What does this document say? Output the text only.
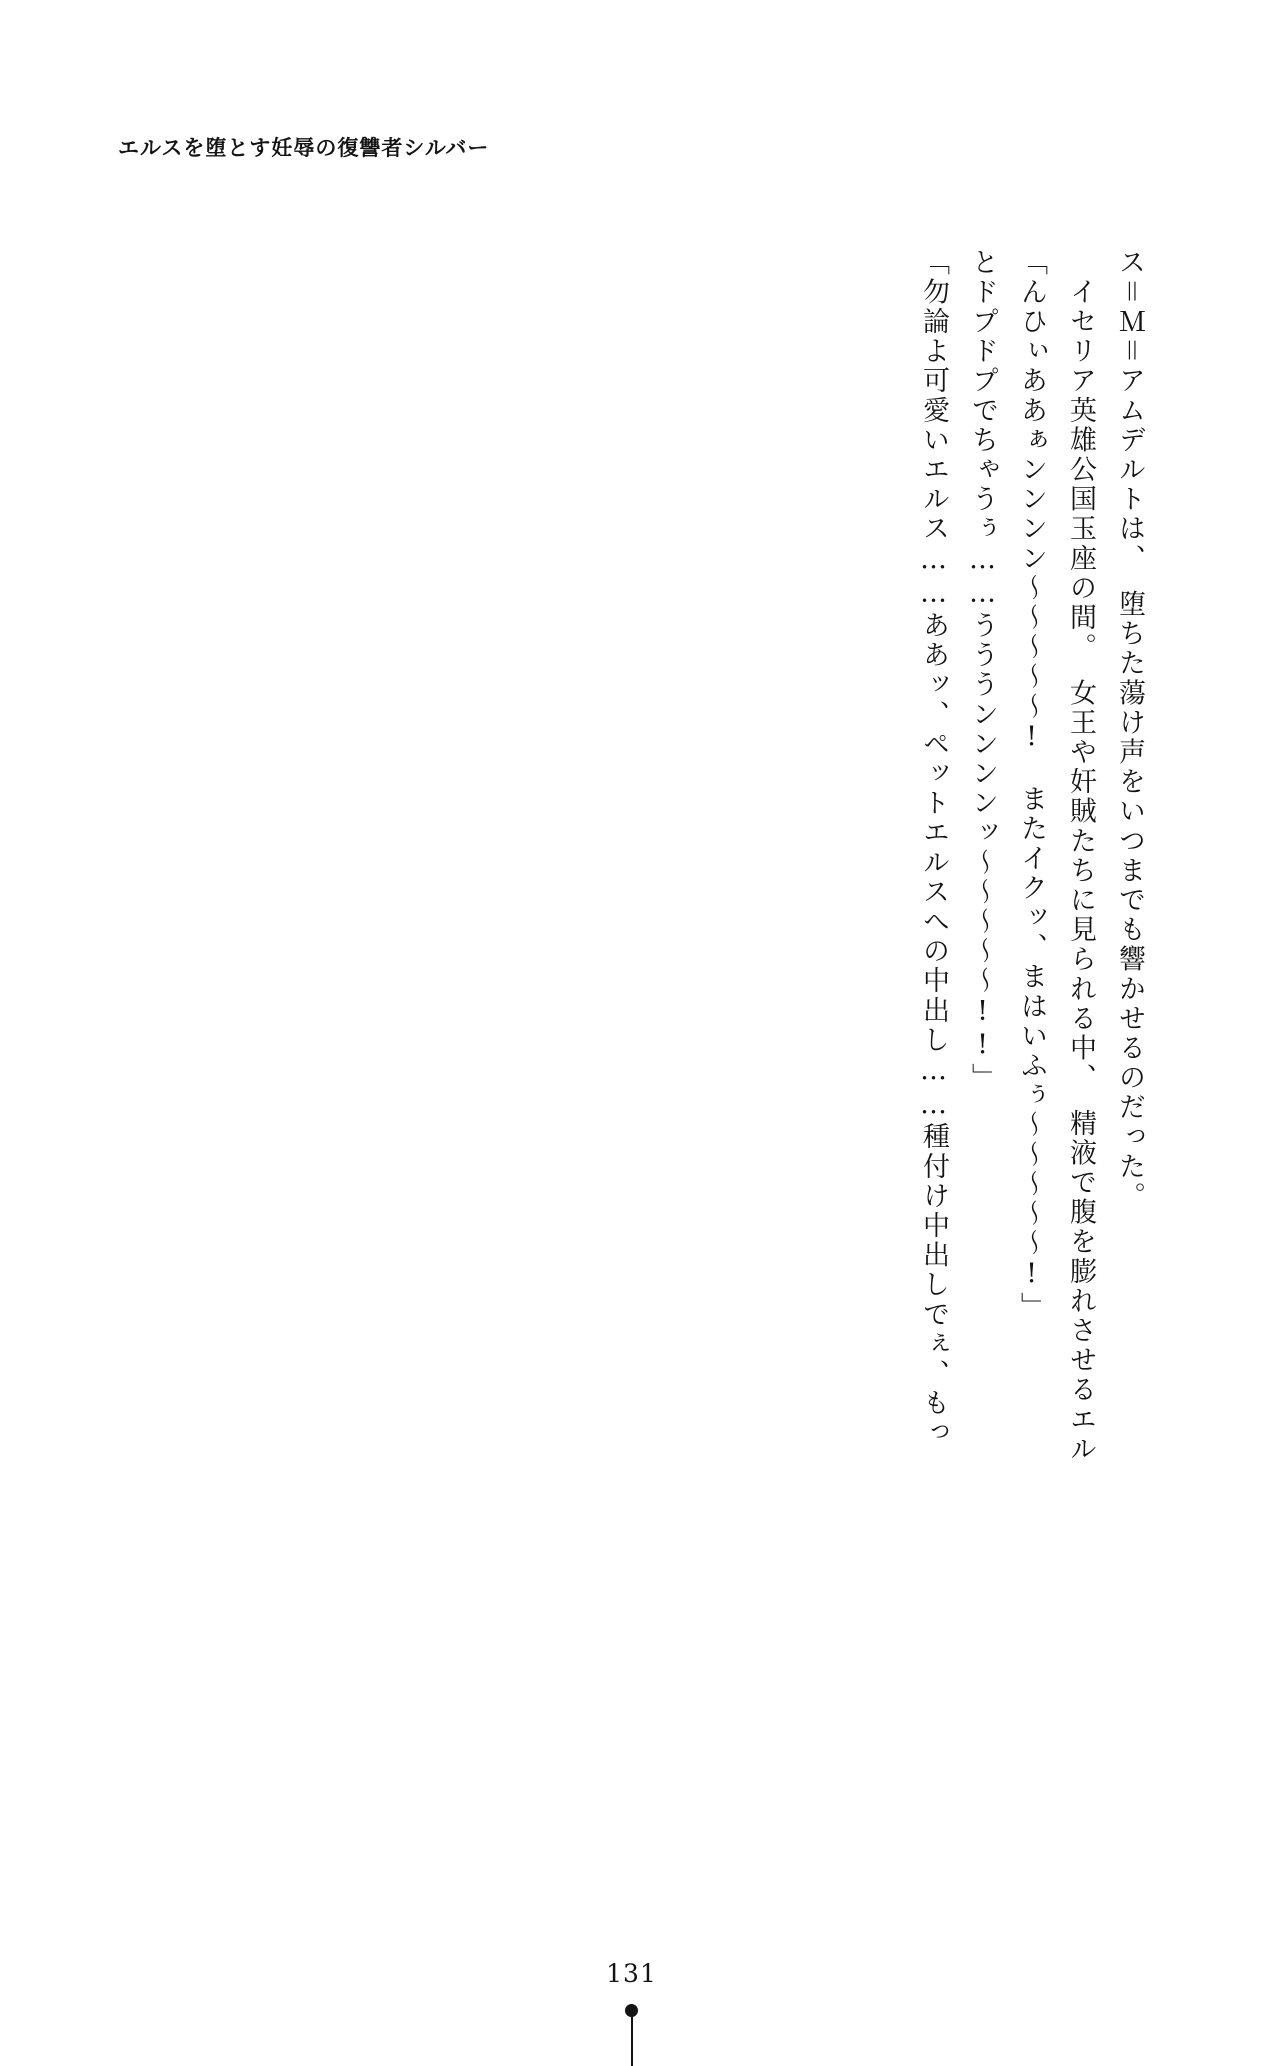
エルスを堕とす妊辱の復讐者シルバー
「勿論よ可愛いエルス……ああッ、ペットエルスへの中出し……種付け中出しでぇ、もっ とドプドプでちゃうぅ……うううンンンンッ～～～～～!!」 「んひぃああぁンンンン～～～～～!　またイクッ、まはいふぅ～～～～～!」 　イセリア英雄公国玉座の間。　女王や奸賊たちに見られる中、　精液で腹を膨れさせるエル ス＝Ｍ＝アムデルトは、　堕ちた蕩け声をいつまでも響かせるのだった。
131
